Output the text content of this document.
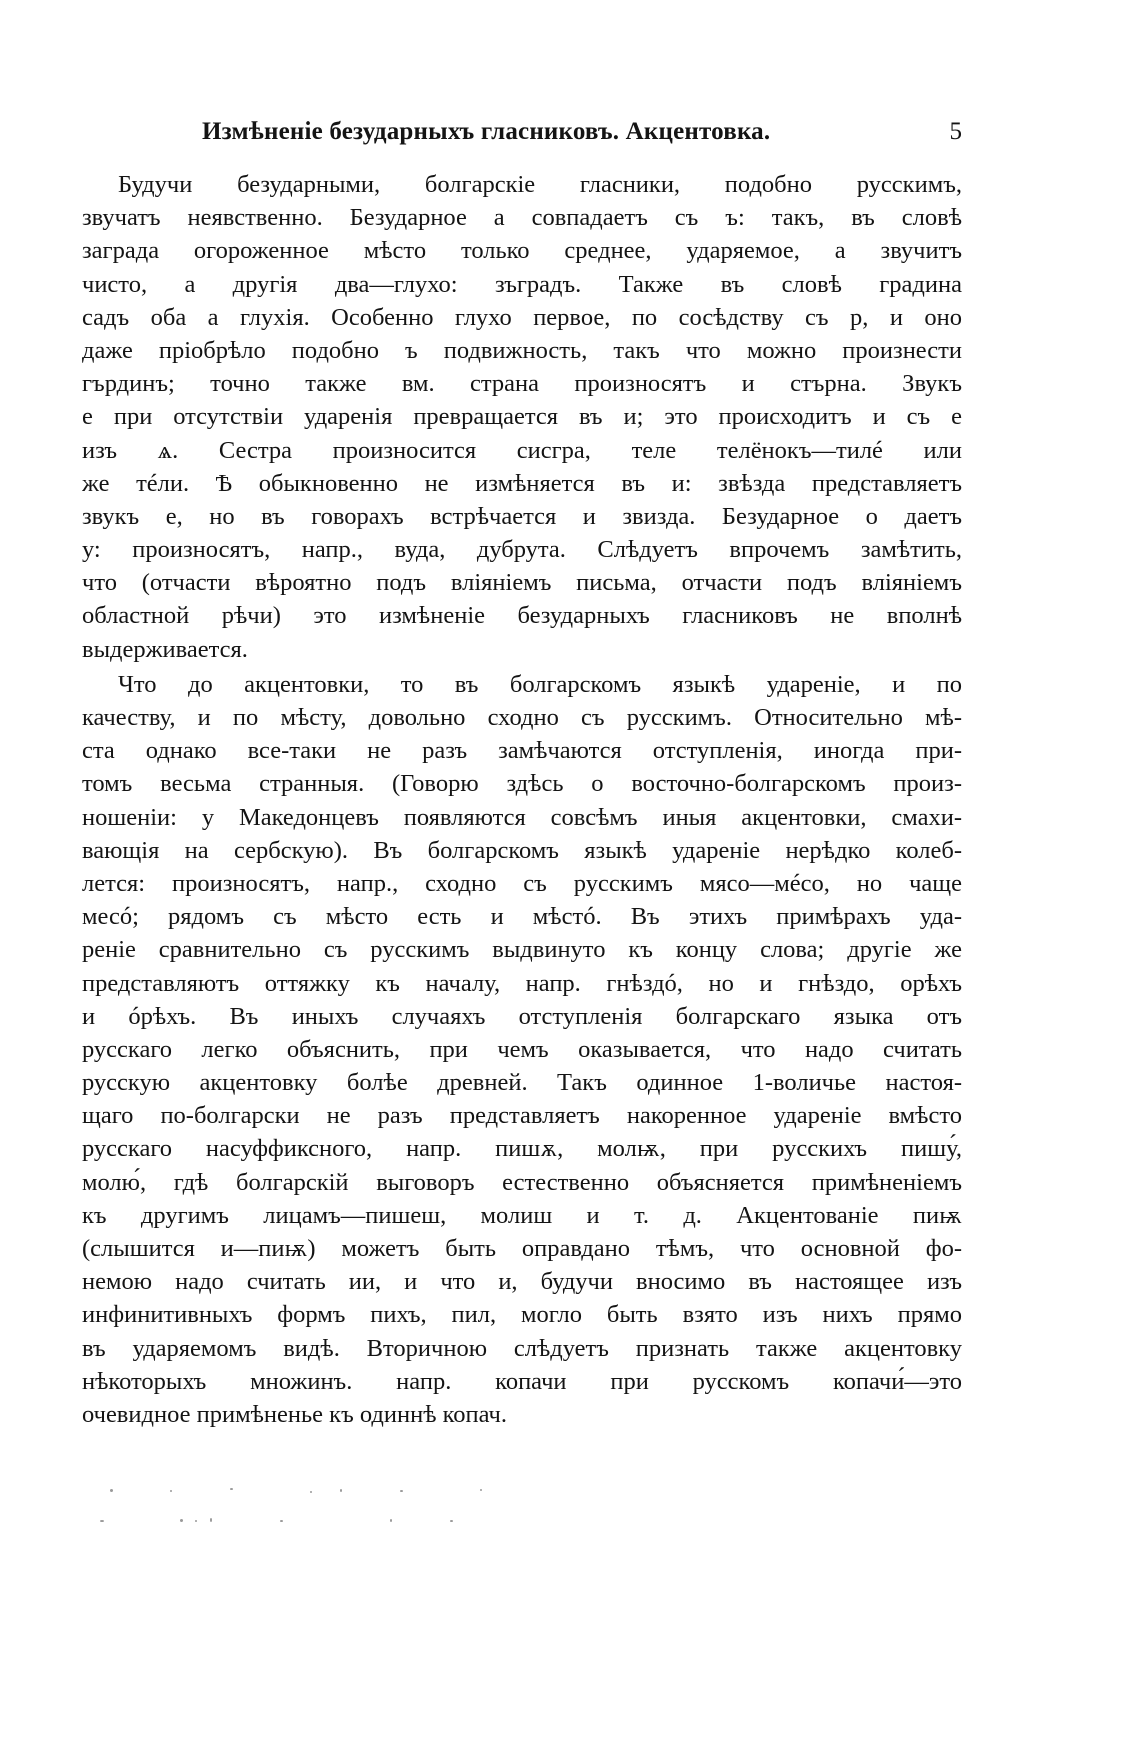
Измѣненіе безударныхъ гласниковъ. Акцентовка.	5
Будучи безударными, болгарскіе гласники, подобно русскимъ,
звучатъ неявственно. Безударное а совпадаетъ съ ъ: такъ, въ словѣ
заграда огороженное мѣсто только среднее, ударяемое, а звучитъ
чисто, а другія два—глухо: зъградъ. Также въ словѣ градина
садъ оба а глухія. Особенно глухо первое, по сосѣдству съ р, и оно
даже пріобрѣло подобно ъ подвижность, такъ что можно произнести
гърдинъ; точно также вм. страна произносятъ и стърна. Звукъ
е при отсутствіи ударенія превращается въ и; это происходитъ и съ е
изъ ѧ. Сестра произносится сисгра, теле телёнокъ—тилé или
же тéли. Ѣ обыкновенно не измѣняется въ и: звѣзда представляетъ
звукъ е, но въ говорахъ встрѣчается и звизда. Безударное о даетъ
у: произносятъ, напр., вуда, дубрута. Слѣдуетъ впрочемъ замѣтить,
что (отчасти вѣроятно подъ вліяніемъ письма, отчасти подъ вліяніемъ
областной рѣчи) это измѣненіе безударныхъ гласниковъ не вполнѣ
выдерживается.
Что до акцентовки, то въ болгарскомъ языкѣ удареніе, и по
качеству, и по мѣсту, довольно сходно съ русскимъ. Относительно мѣ-
ста однако все-таки не разъ замѣчаются отступленія, иногда при-
томъ весьма странныя. (Говорю здѣсь о восточно-болгарскомъ произ-
ношеніи: у Македонцевъ появляются совсѣмъ иныя акцентовки, смахи-
вающія на сербскую). Въ болгарскомъ языкѣ удареніе нерѣдко колеб-
лется: произносятъ, напр., сходно съ русскимъ мясо—мéсо, но чаще
месó; рядомъ съ мѣсто есть и мѣстó. Въ этихъ примѣрахъ уда-
реніе сравнительно съ русскимъ выдвинуто къ концу слова; другіе же
представляютъ оттяжку къ началу, напр. гнѣздó, но и гнѣздо, орѣхъ
и óрѣхъ. Въ иныхъ случаяхъ отступленія болгарскаго языка отъ
русскаго легко объяснить, при чемъ оказывается, что надо считать
русскую акцентовку болѣе древней. Такъ одинное 1-воличье настоя-
щаго по-болгарски не разъ представляетъ накоренное удареніе вмѣсто
русскаго насуффиксного, напр. пишѫ, молѭ, при русскихъ пишу́,
молю́, гдѣ болгарскій выговоръ естественно объясняется примѣненіемъ
къ другимъ лицамъ—пишеш, молиш и т. д. Акцентованіе пиѭ
(слышится и—пиѭ) можетъ быть оправдано тѣмъ, что основной фо-
немою надо считать ии, и что и, будучи вносимо въ настоящее изъ
инфинитивныхъ формъ пихъ, пил, могло быть взято изъ нихъ прямо
въ ударяемомъ видѣ. Вторичною слѣдуетъ признать также акцентовку
нѣкоторыхъ множинъ. напр. копачи при русскомъ копачи́—это
очевидное примѣненье къ одиннѣ копач.
